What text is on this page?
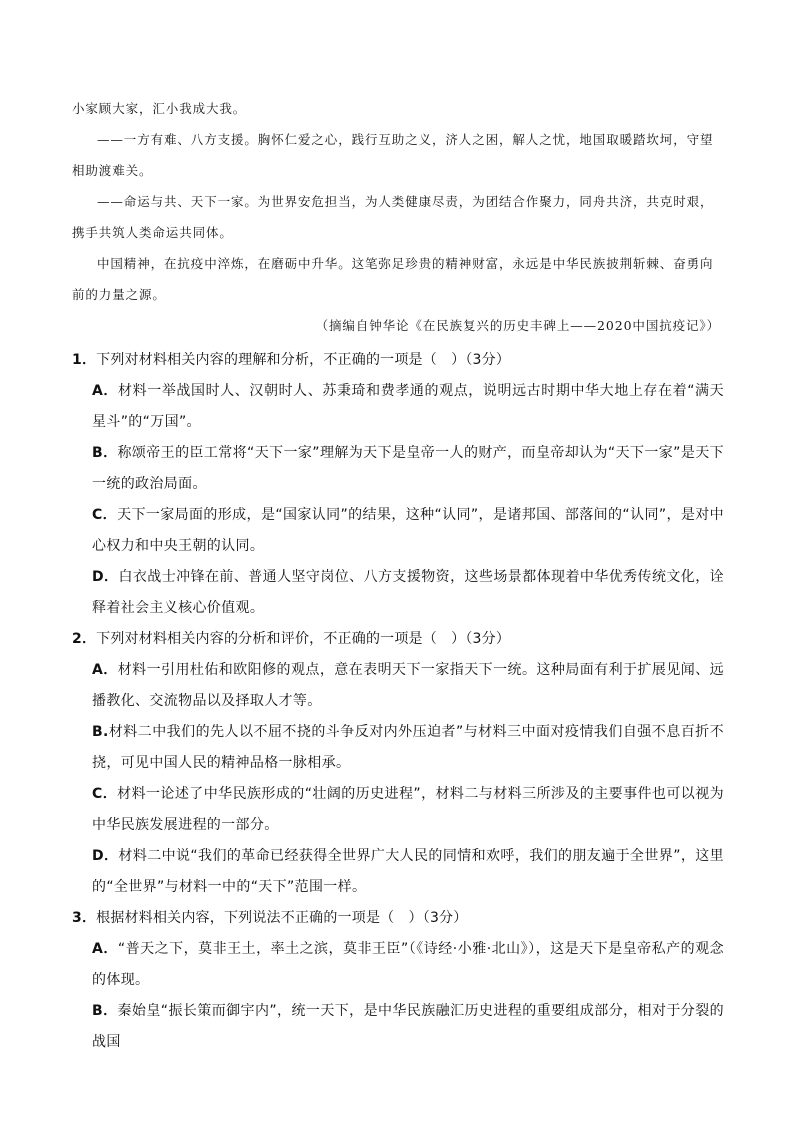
小家顾大家，汇小我成大我。

——一方有难、八方支援。胸怀仁爱之心，践行互助之义，济人之困，解人之忧，地国取暖踏坎坷，守望相助渡难关。

——命运与共、天下一家。为世界安危担当，为人类健康尽责，为团结合作聚力，同舟共济，共克时艰，携手共筑人类命运共同体。

中国精神，在抗疫中淬炼，在磨砺中升华。这笔弥足珍贵的精神财富，永远是中华民族披荆斩棘、奋勇向前的力量之源。

（摘编自钟华论《在民族复兴的历史丰碑上——2020中国抗疫记》）

1．下列对材料相关内容的理解和分析，不正确的一项是（　）（3分）
A．材料一举战国时人、汉朝时人、苏秉琦和费孝通的观点，说明远古时期中华大地上存在着“满天星斗”的“万国”。
B．称颂帝王的臣工常将“天下一家”理解为天下是皇帝一人的财产，而皇帝却认为“天下一家”是天下一统的政治局面。
C．天下一家局面的形成，是“国家认同”的结果，这种“认同”，是诸邦国、部落间的“认同”，是对中心权力和中央王朝的认同。
D．白衣战士冲锋在前、普通人坚守岗位、八方支援物资，这些场景都体现着中华优秀传统文化，诠释着社会主义核心价值观。
2．下列对材料相关内容的分析和评价，不正确的一项是（　）（3分）
A．材料一引用杜佑和欧阳修的观点，意在表明天下一家指天下一统。这种局面有利于扩展见闻、远播教化、交流物品以及择取人才等。
B.材料二中我们的先人以不屈不挠的斗争反对内外压迫者”与材料三中面对疫情我们自强不息百折不挠，可见中国人民的精神品格一脉相承。
C．材料一论述了中华民族形成的“壮阔的历史进程”，材料二与材料三所涉及的主要事件也可以视为中华民族发展进程的一部分。
D．材料二中说“我们的革命已经获得全世界广大人民的同情和欢呼，我们的朋友遍于全世界”，这里的“全世界”与材料一中的“天下”范围一样。
3．根据材料相关内容，下列说法不正确的一项是（　）（3分）
A．“普天之下，莫非王土，率土之滨，莫非王臣”（《诗经·小雅·北山》），这是天下是皇帝私产的观念的体现。
B．秦始皇“振长策而御宇内”，统一天下，是中华民族融汇历史进程的重要组成部分，相对于分裂的战国
